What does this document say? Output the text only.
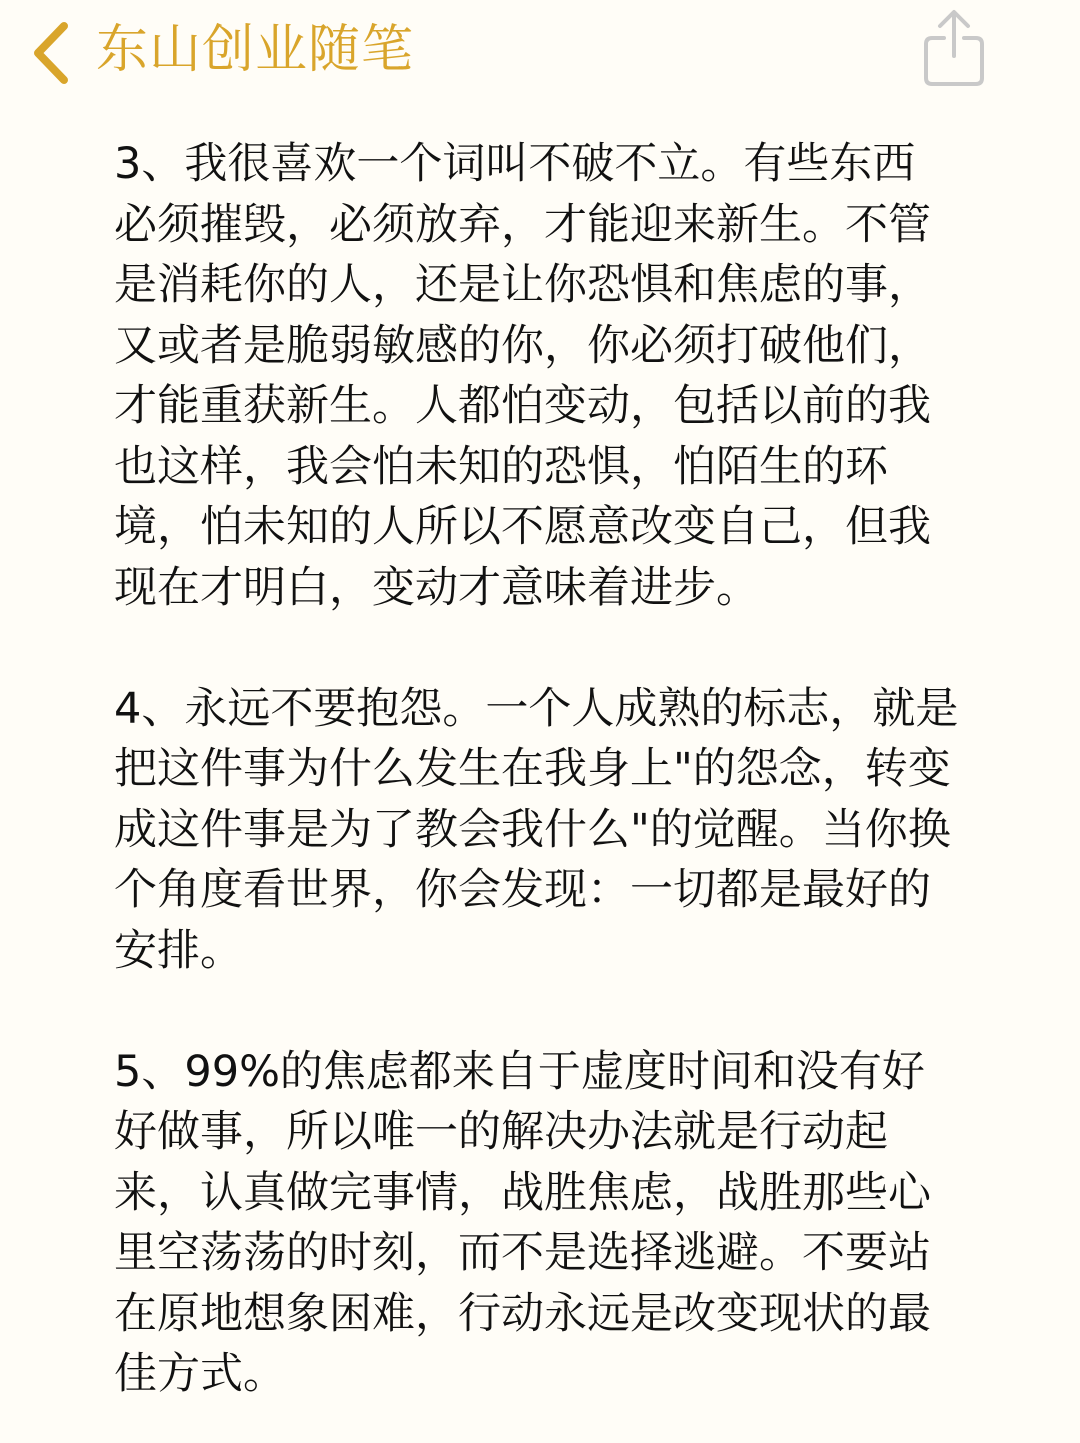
东山创业随笔

3、我很喜欢一个词叫不破不立。有些东西必须摧毁，必须放弃，才能迎来新生。不管是消耗你的人，还是让你恐惧和焦虑的事，又或者是脆弱敏感的你，你必须打破他们，才能重获新生。人都怕变动，包括以前的我也这样，我会怕未知的恐惧，怕陌生的环境，怕未知的人所以不愿意改变自己，但我现在才明白，变动才意味着进步。

4、永远不要抱怨。一个人成熟的标志，就是把这件事为什么发生在我身上"的怨念，转变成这件事是为了教会我什么"的觉醒。当你换个角度看世界，你会发现：一切都是最好的安排。

5、99%的焦虑都来自于虚度时间和没有好好做事，所以唯一的解决办法就是行动起来，认真做完事情，战胜焦虑，战胜那些心里空荡荡的时刻，而不是选择逃避。不要站在原地想象困难，行动永远是改变现状的最佳方式。
